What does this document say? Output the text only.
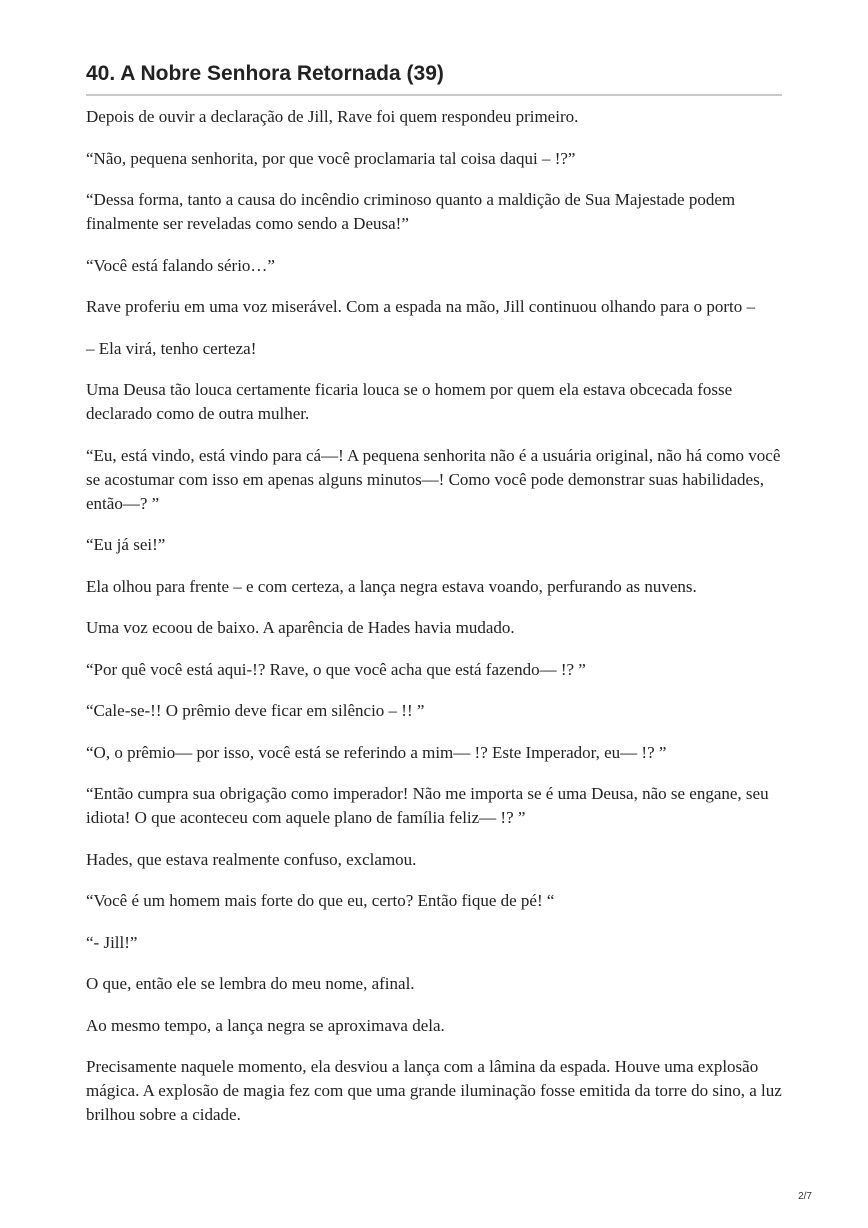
40. A Nobre Senhora Retornada (39)

Depois de ouvir a declaração de Jill, Rave foi quem respondeu primeiro.

“Não, pequena senhorita, por que você proclamaria tal coisa daqui – !?”

“Dessa forma, tanto a causa do incêndio criminoso quanto a maldição de Sua Majestade podem finalmente ser reveladas como sendo a Deusa!”

“Você está falando sério…”

Rave proferiu em uma voz miserável. Com a espada na mão, Jill continuou olhando para o porto –

– Ela virá, tenho certeza!

Uma Deusa tão louca certamente ficaria louca se o homem por quem ela estava obcecada fosse declarado como de outra mulher.

“Eu, está vindo, está vindo para cá—! A pequena senhorita não é a usuária original, não há como você se acostumar com isso em apenas alguns minutos—! Como você pode demonstrar suas habilidades, então—? ”

“Eu já sei!”

Ela olhou para frente – e com certeza, a lança negra estava voando, perfurando as nuvens.

Uma voz ecoou de baixo. A aparência de Hades havia mudado.

“Por quê você está aqui-!? Rave, o que você acha que está fazendo— !? ”

“Cale-se-!! O prêmio deve ficar em silêncio – !! ”

“O, o prêmio— por isso, você está se referindo a mim— !? Este Imperador, eu— !? ”

“Então cumpra sua obrigação como imperador! Não me importa se é uma Deusa, não se engane, seu idiota! O que aconteceu com aquele plano de família feliz— !? ”

Hades, que estava realmente confuso, exclamou.

“Você é um homem mais forte do que eu, certo? Então fique de pé! “

“- Jill!”

O que, então ele se lembra do meu nome, afinal.

Ao mesmo tempo, a lança negra se aproximava dela.

Precisamente naquele momento, ela desviou a lança com a lâmina da espada. Houve uma explosão mágica. A explosão de magia fez com que uma grande iluminação fosse emitida da torre do sino, a luz brilhou sobre a cidade.

2/7
